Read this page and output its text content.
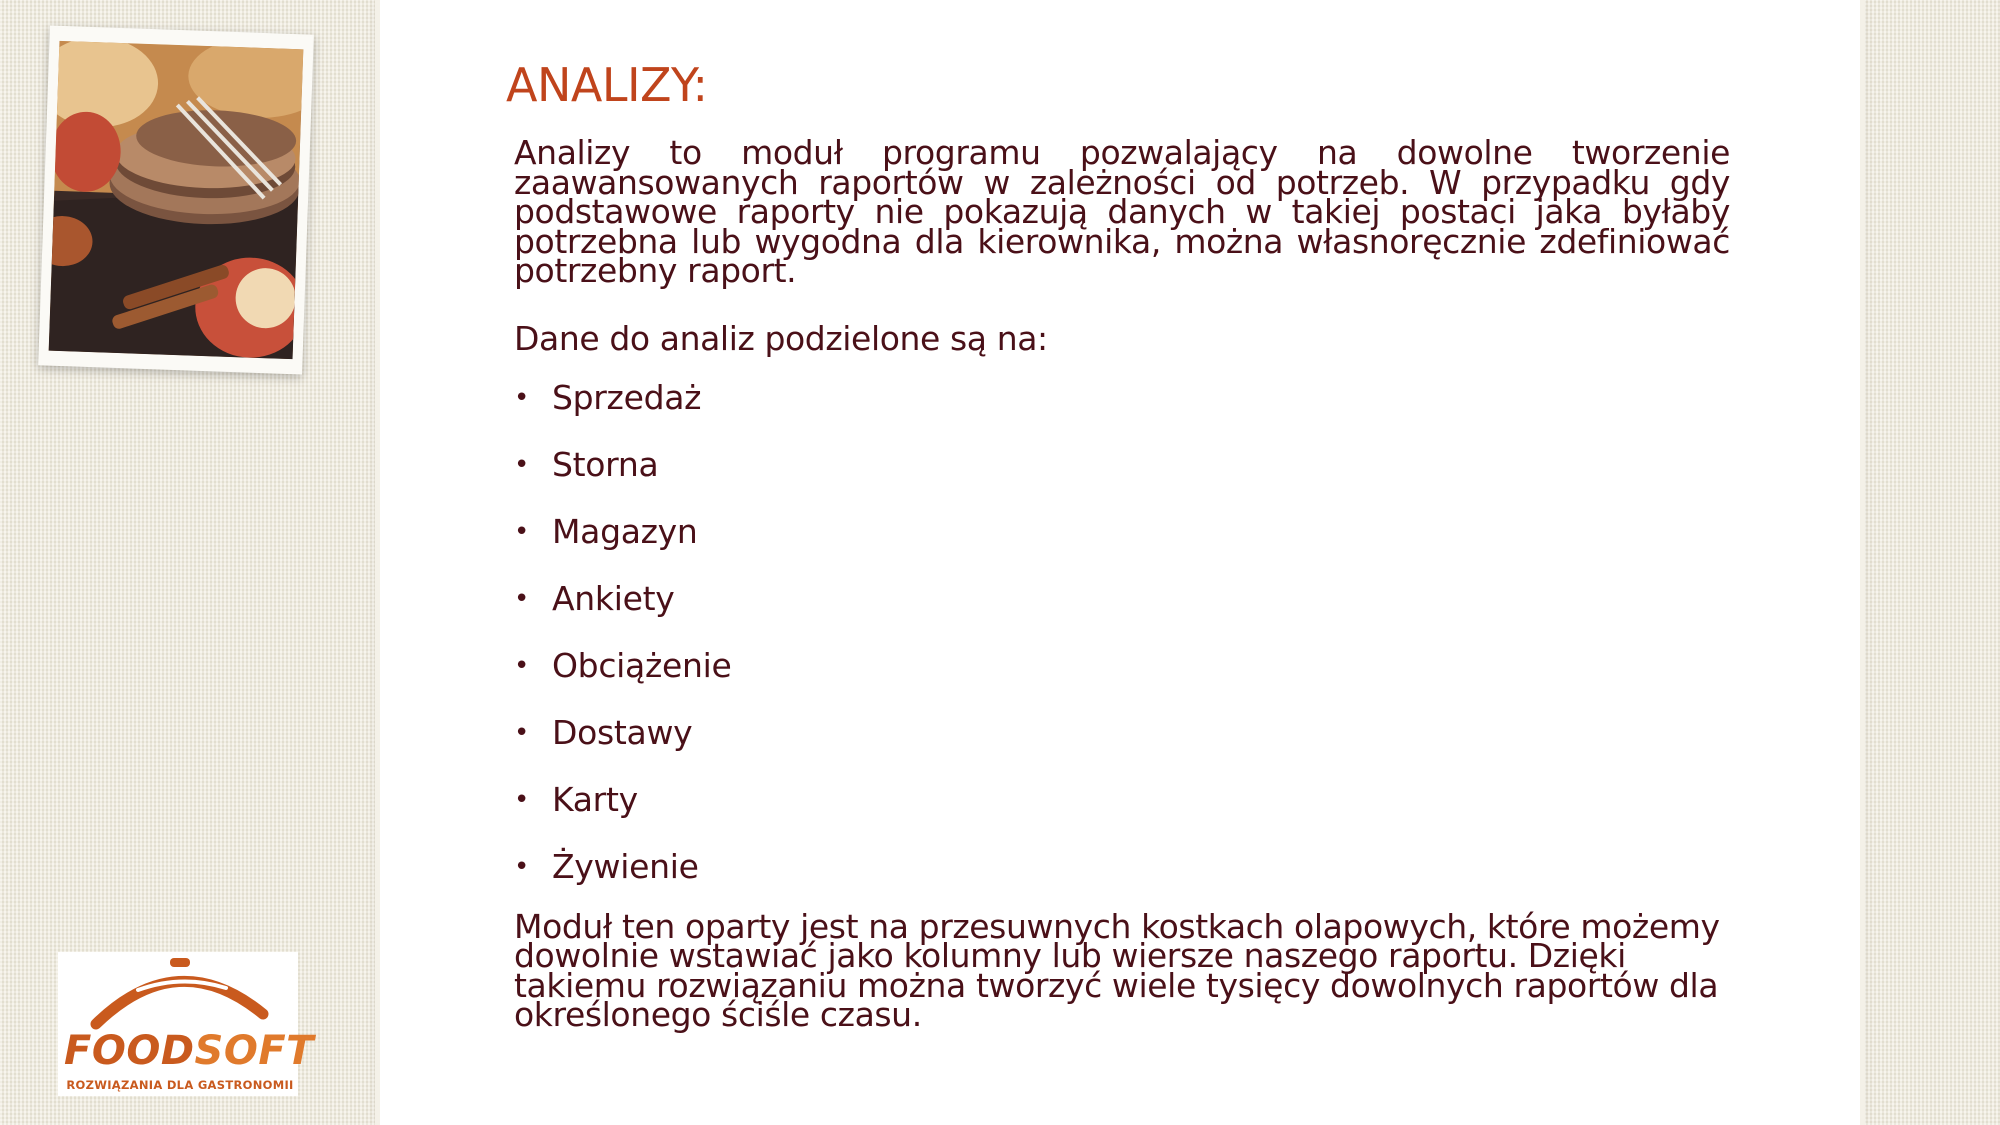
FOODSOFT
ROZWIĄZANIA DLA GASTRONOMII
ANALIZY:

Analizy to moduł programu pozwalający na dowolne tworzenie zaawansowanych raportów w zależności od potrzeb. W przypadku gdy podstawowe raporty nie pokazują danych w takiej postaci jaka byłaby potrzebna lub wygodna dla kierownika, można własnoręcznie zdefiniować potrzebny raport.

Dane do analiz podzielone są na:

• Sprzedaż
• Storna
• Magazyn
• Ankiety
• Obciążenie
• Dostawy
• Karty
• Żywienie

Moduł ten oparty jest na przesuwnych kostkach olapowych, które możemy dowolnie wstawiać jako kolumny lub wiersze naszego raportu. Dzięki takiemu rozwiązaniu można tworzyć wiele tysięcy dowolnych raportów dla określonego ściśle czasu.
